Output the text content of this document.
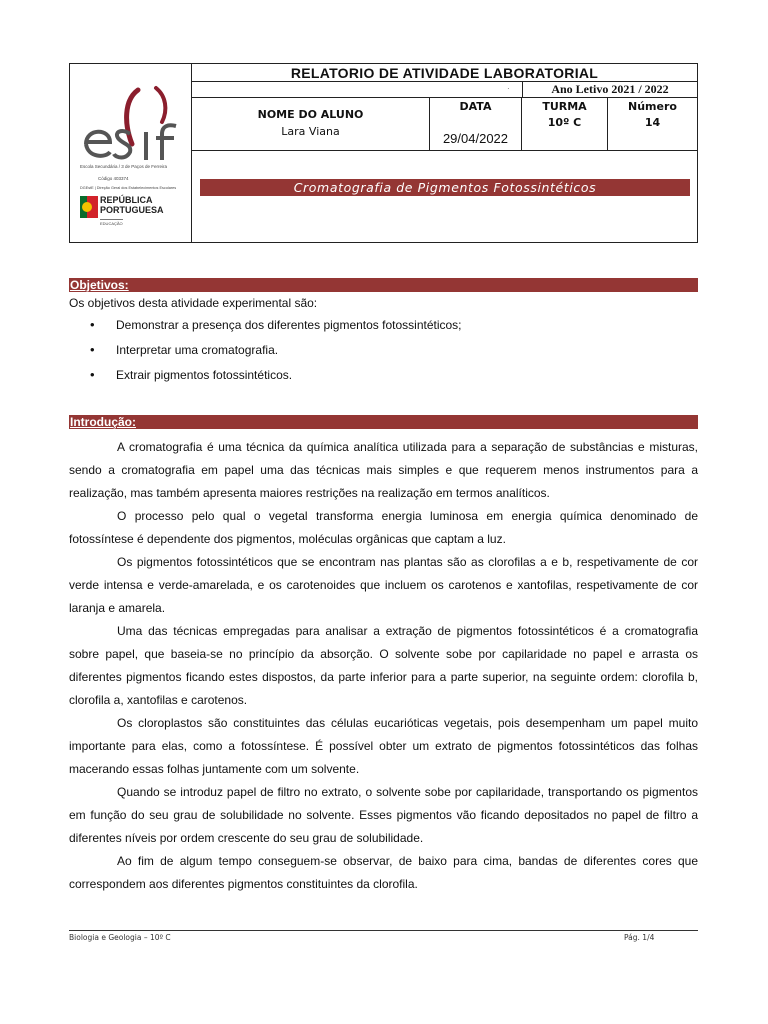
Escola Secundária / 3 de Paços de Ferreira
Código 403374
DGEstE | Direção Geral dos Estabelecimentos Escolares
REPÚBLICA
PORTUGUESA
EDUCAÇÃO
RELATORIO DE ATIVIDADE LABORATORIAL
·	Ano Letivo 2021 / 2022
NOME DO ALUNO
Lara Viana
DATA
29/04/2022
TURMA
10º C
Número
14
Cromatografia de Pigmentos Fotossintéticos
Objetivos:
Os objetivos desta atividade experimental são:
• Demonstrar a presença dos diferentes pigmentos fotossintéticos;
• Interpretar uma cromatografia.
• Extrair pigmentos fotossintéticos.
Introdução:

A cromatografia é uma técnica da química analítica utilizada para a separação de substâncias e misturas, sendo a cromatografia em papel uma das técnicas mais simples e que requerem menos instrumentos para a realização, mas também apresenta maiores restrições na realização em termos analíticos.

O processo pelo qual o vegetal transforma energia luminosa em energia química denominado de fotossíntese é dependente dos pigmentos, moléculas orgânicas que captam a luz.

Os pigmentos fotossintéticos que se encontram nas plantas são as clorofilas a e b, respetivamente de cor verde intensa e verde-amarelada, e os carotenoides que incluem os carotenos e xantofilas, respetivamente de cor laranja e amarela.

Uma das técnicas empregadas para analisar a extração de pigmentos fotossintéticos é a cromatografia sobre papel, que baseia-se no princípio da absorção. O solvente sobe por capilaridade no papel e arrasta os diferentes pigmentos ficando estes dispostos, da parte inferior para a parte superior, na seguinte ordem: clorofila b, clorofila a, xantofilas e carotenos.

Os cloroplastos são constituintes das células eucarióticas vegetais, pois desempenham um papel muito importante para elas, como a fotossíntese. É possível obter um extrato de pigmentos fotossintéticos das folhas macerando essas folhas juntamente com um solvente.

Quando se introduz papel de filtro no extrato, o solvente sobe por capilaridade, transportando os pigmentos em função do seu grau de solubilidade no solvente. Esses pigmentos vão ficando depositados no papel de filtro a diferentes níveis por ordem crescente do seu grau de solubilidade.

Ao fim de algum tempo conseguem-se observar, de baixo para cima, bandas de diferentes cores que correspondem aos diferentes pigmentos constituintes da clorofila.

Biologia e Geologia – 10º C	Pág. 1/4
